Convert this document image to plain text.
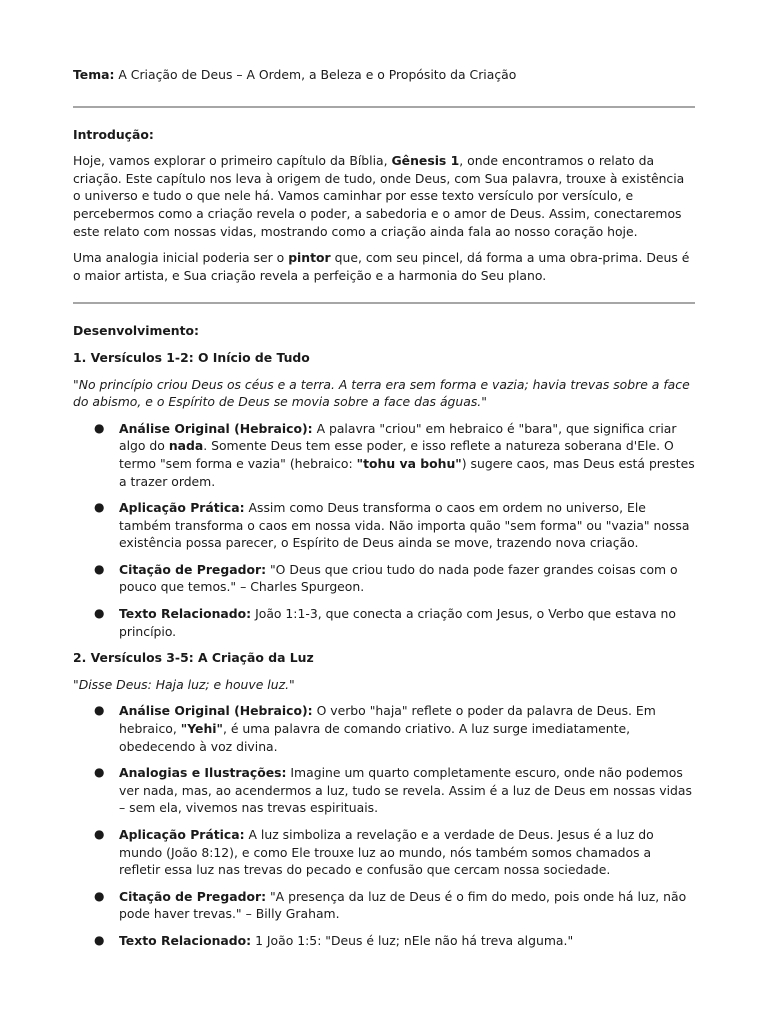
Tema: A Criação de Deus – A Ordem, a Beleza e o Propósito da Criação

Introdução:

Hoje, vamos explorar o primeiro capítulo da Bíblia, Gênesis 1, onde encontramos o relato da criação. Este capítulo nos leva à origem de tudo, onde Deus, com Sua palavra, trouxe à existência o universo e tudo o que nele há. Vamos caminhar por esse texto versículo por versículo, e percebermos como a criação revela o poder, a sabedoria e o amor de Deus. Assim, conectaremos este relato com nossas vidas, mostrando como a criação ainda fala ao nosso coração hoje.

Uma analogia inicial poderia ser o pintor que, com seu pincel, dá forma a uma obra-prima. Deus é o maior artista, e Sua criação revela a perfeição e a harmonia do Seu plano.

Desenvolvimento:

1. Versículos 1-2: O Início de Tudo

"No princípio criou Deus os céus e a terra. A terra era sem forma e vazia; havia trevas sobre a face do abismo, e o Espírito de Deus se movia sobre a face das águas."

● Análise Original (Hebraico): A palavra "criou" em hebraico é "bara", que significa criar algo do nada. Somente Deus tem esse poder, e isso reflete a natureza soberana d'Ele. O termo "sem forma e vazia" (hebraico: "tohu va bohu") sugere caos, mas Deus está prestes a trazer ordem.
● Aplicação Prática: Assim como Deus transforma o caos em ordem no universo, Ele também transforma o caos em nossa vida. Não importa quão "sem forma" ou "vazia" nossa existência possa parecer, o Espírito de Deus ainda se move, trazendo nova criação.
● Citação de Pregador: "O Deus que criou tudo do nada pode fazer grandes coisas com o pouco que temos." – Charles Spurgeon.
● Texto Relacionado: João 1:1-3, que conecta a criação com Jesus, o Verbo que estava no princípio.

2. Versículos 3-5: A Criação da Luz

"Disse Deus: Haja luz; e houve luz."

● Análise Original (Hebraico): O verbo "haja" reflete o poder da palavra de Deus. Em hebraico, "Yehi", é uma palavra de comando criativo. A luz surge imediatamente, obedecendo à voz divina.
● Analogias e Ilustrações: Imagine um quarto completamente escuro, onde não podemos ver nada, mas, ao acendermos a luz, tudo se revela. Assim é a luz de Deus em nossas vidas – sem ela, vivemos nas trevas espirituais.
● Aplicação Prática: A luz simboliza a revelação e a verdade de Deus. Jesus é a luz do mundo (João 8:12), e como Ele trouxe luz ao mundo, nós também somos chamados a refletir essa luz nas trevas do pecado e confusão que cercam nossa sociedade.
● Citação de Pregador: "A presença da luz de Deus é o fim do medo, pois onde há luz, não pode haver trevas." – Billy Graham.
● Texto Relacionado: 1 João 1:5: "Deus é luz; nEle não há treva alguma."
